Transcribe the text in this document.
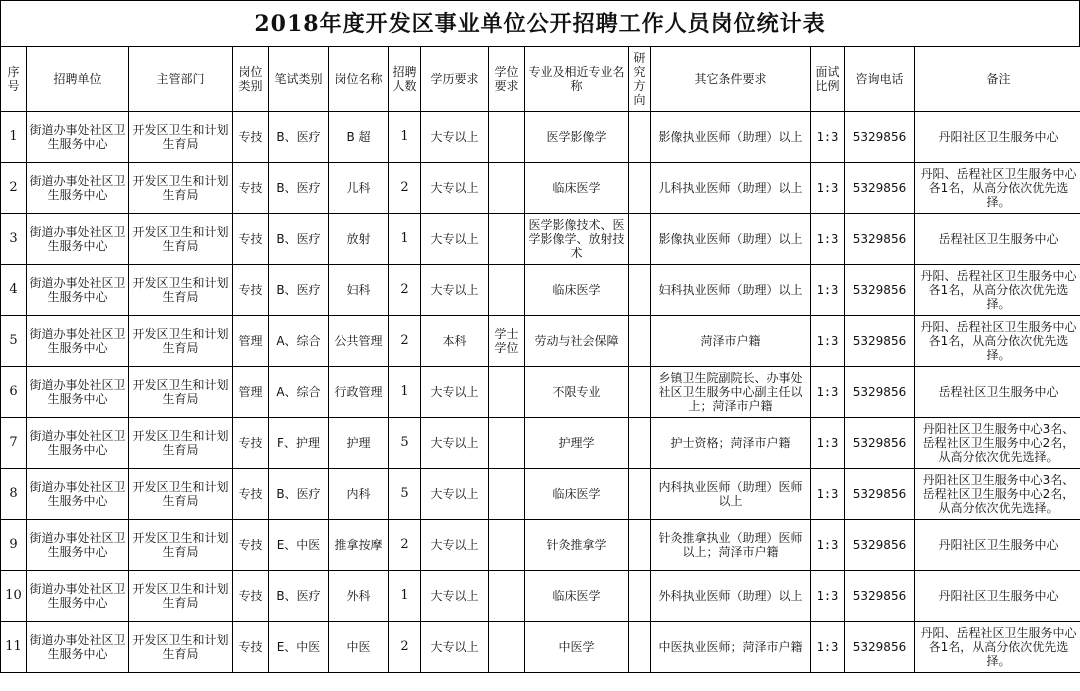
2018年度开发区事业单位公开招聘工作人员岗位统计表
序号	招聘单位	主管部门	岗位类别	笔试类别	岗位名称	招聘人数	学历要求	学位要求	专业及相近专业名称	研究方向	其它条件要求	面试比例	咨询电话	备注
1	街道办事处社区卫生服务中心	开发区卫生和计划生育局	专技	B、医疗	B 超	1	大专以上		医学影像学		影像执业医师（助理）以上	1:3	5329856	丹阳社区卫生服务中心
2	街道办事处社区卫生服务中心	开发区卫生和计划生育局	专技	B、医疗	儿科	2	大专以上		临床医学		儿科执业医师（助理）以上	1:3	5329856	丹阳、岳程社区卫生服务中心各1名，从高分依次优先选择。
3	街道办事处社区卫生服务中心	开发区卫生和计划生育局	专技	B、医疗	放射	1	大专以上		医学影像技术、医学影像学、放射技术		影像执业医师（助理）以上	1:3	5329856	岳程社区卫生服务中心
4	街道办事处社区卫生服务中心	开发区卫生和计划生育局	专技	B、医疗	妇科	2	大专以上		临床医学		妇科执业医师（助理）以上	1:3	5329856	丹阳、岳程社区卫生服务中心各1名，从高分依次优先选择。
5	街道办事处社区卫生服务中心	开发区卫生和计划生育局	管理	A、综合	公共管理	2	本科	学士学位	劳动与社会保障		菏泽市户籍	1:3	5329856	丹阳、岳程社区卫生服务中心各1名，从高分依次优先选择。
6	街道办事处社区卫生服务中心	开发区卫生和计划生育局	管理	A、综合	行政管理	1	大专以上		不限专业		乡镇卫生院副院长、办事处社区卫生服务中心副主任以上；菏泽市户籍	1:3	5329856	岳程社区卫生服务中心
7	街道办事处社区卫生服务中心	开发区卫生和计划生育局	专技	F、护理	护理	5	大专以上		护理学		护士资格；菏泽市户籍	1:3	5329856	丹阳社区卫生服务中心3名、岳程社区卫生服务中心2名，从高分依次优先选择。
8	街道办事处社区卫生服务中心	开发区卫生和计划生育局	专技	B、医疗	内科	5	大专以上		临床医学		内科执业医师（助理）医师以上	1:3	5329856	丹阳社区卫生服务中心3名、岳程社区卫生服务中心2名，从高分依次优先选择。
9	街道办事处社区卫生服务中心	开发区卫生和计划生育局	专技	E、中医	推拿按摩	2	大专以上		针灸推拿学		针灸推拿执业（助理）医师以上；菏泽市户籍	1:3	5329856	丹阳社区卫生服务中心
10	街道办事处社区卫生服务中心	开发区卫生和计划生育局	专技	B、医疗	外科	1	大专以上		临床医学		外科执业医师（助理）以上	1:3	5329856	丹阳社区卫生服务中心
11	街道办事处社区卫生服务中心	开发区卫生和计划生育局	专技	E、中医	中医	2	大专以上		中医学		中医执业医师；菏泽市户籍	1:3	5329856	丹阳、岳程社区卫生服务中心各1名，从高分依次优先选择。
